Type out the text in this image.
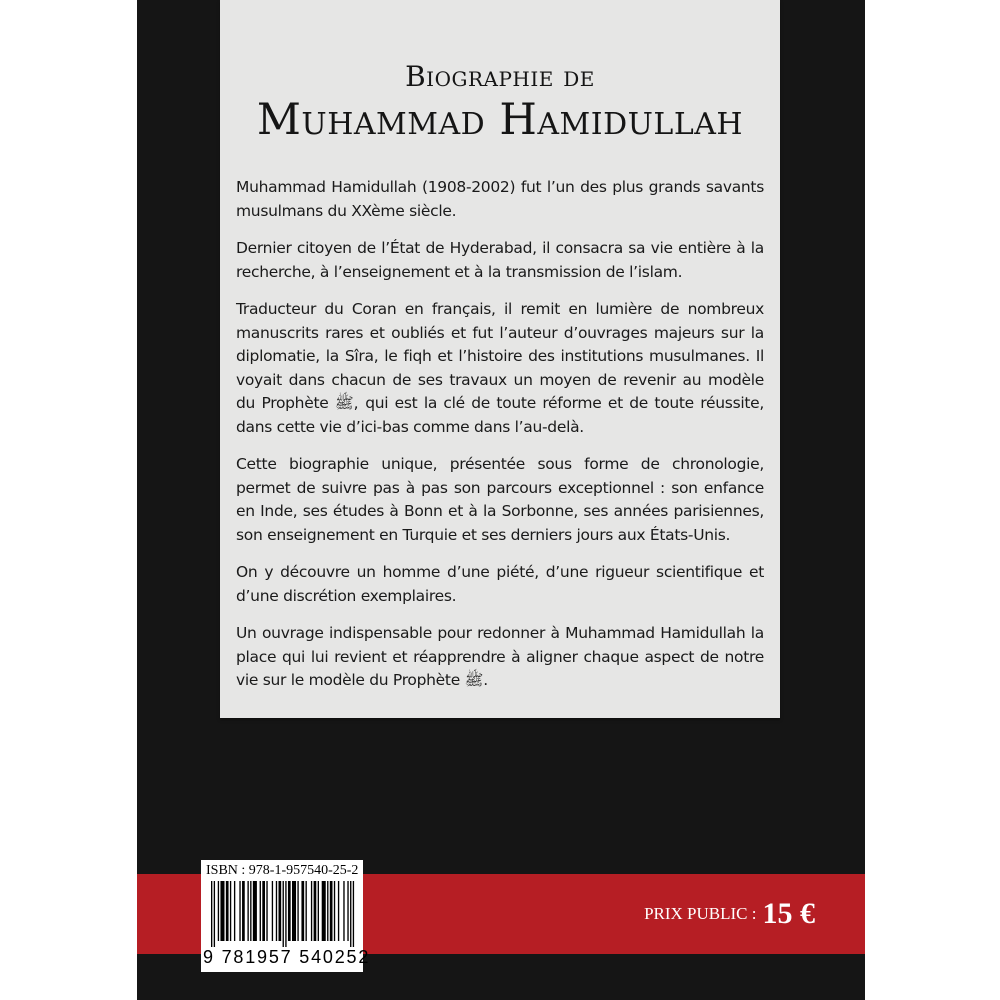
Biographie de
Muhammad Hamidullah

Muhammad Hamidullah (1908-2002) fut l’un des plus grands savants musulmans du XXème siècle.

Dernier citoyen de l’État de Hyderabad, il consacra sa vie entière à la recherche, à l’enseignement et à la transmission de l’islam.

Traducteur du Coran en français, il remit en lumière de nombreux manuscrits rares et oubliés et fut l’auteur d’ouvrages majeurs sur la diplomatie, la Sîra, le fiqh et l’histoire des institutions musulmanes. Il voyait dans chacun de ses travaux un moyen de revenir au modèle du Prophète ﷺ, qui est la clé de toute réforme et de toute réussite, dans cette vie d’ici-bas comme dans l’au-delà.

Cette biographie unique, présentée sous forme de chronologie, permet de suivre pas à pas son parcours exceptionnel : son enfance en Inde, ses études à Bonn et à la Sorbonne, ses années parisiennes, son enseignement en Turquie et ses derniers jours aux États-Unis.

On y découvre un homme d’une piété, d’une rigueur scientifique et d’une discrétion exemplaires.

Un ouvrage indispensable pour redonner à Muhammad Hamidullah la place qui lui revient et réapprendre à aligner chaque aspect de notre vie sur le modèle du Prophète ﷺ.

PRIX PUBLIC : 15 €
ISBN : 978-1-957540-25-2
9 781957 540252
